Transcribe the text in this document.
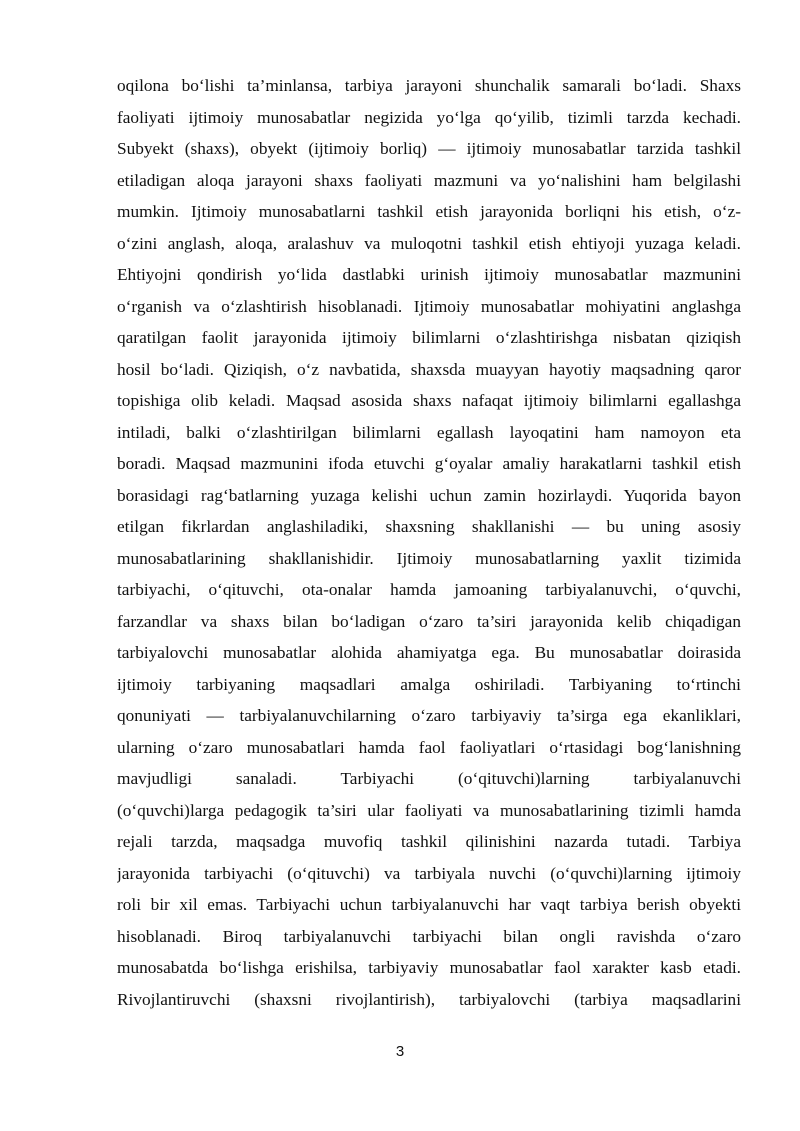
oqilona bo‘lishi ta’minlansa, tarbiya jarayoni shunchalik samarali bo‘ladi. Shaxs
faoliyati ijtimoiy munosabatlar negizida yo‘lga qo‘yilib, tizimli tarzda kechadi.
Subyekt (shaxs), obyekt (ijtimoiy borliq) — ijtimoiy munosabatlar tarzida tashkil
etiladigan aloqa jarayoni shaxs faoliyati mazmuni va yo‘nalishini ham belgilashi
mumkin. Ijtimoiy munosabatlarni tashkil etish jarayonida borliqni his etish, o‘z-
o‘zini anglash, aloqa, aralashuv va muloqotni tashkil etish ehtiyoji yuzaga keladi.
Ehtiyojni qondirish yo‘lida dastlabki urinish ijtimoiy munosabatlar mazmunini
o‘rganish va o‘zlashtirish hisoblanadi. Ijtimoiy munosabatlar mohiyatini anglashga
qaratilgan faolit jarayonida ijtimoiy bilimlarni o‘zlashtirishga nisbatan qiziqish
hosil bo‘ladi. Qiziqish, o‘z navbatida, shaxsda muayyan hayotiy maqsadning qaror
topishiga olib keladi. Maqsad asosida shaxs nafaqat ijtimoiy bilimlarni egallashga
intiladi, balki o‘zlashtirilgan bilimlarni egallash layoqatini ham namoyon eta
boradi. Maqsad mazmunini ifoda etuvchi g‘oyalar amaliy harakatlarni tashkil etish
borasidagi rag‘batlarning yuzaga kelishi uchun zamin hozirlaydi. Yuqorida bayon
etilgan fikrlardan anglashiladiki, shaxsning shakllanishi — bu uning asosiy
munosabatlarining shakllanishidir. Ijtimoiy munosabatlarning yaxlit tizimida
tarbiyachi, o‘qituvchi, ota-onalar hamda jamoaning tarbiyalanuvchi, o‘quvchi,
farzandlar va shaxs bilan bo‘ladigan o‘zaro ta’siri jarayonida kelib chiqadigan
tarbiyalovchi munosabatlar alohida ahamiyatga ega. Bu munosabatlar doirasida
ijtimoiy tarbiyaning maqsadlari amalga oshiriladi. Tarbiyaning to‘rtinchi
qonuniyati — tarbiyalanuvchilarning o‘zaro tarbiyaviy ta’sirga ega ekanliklari,
ularning o‘zaro munosabatlari hamda faol faoliyatlari o‘rtasidagi bog‘lanishning
mavjudligi sanaladi. Tarbiyachi (o‘qituvchi)larning tarbiyalanuvchi
(o‘quvchi)larga pedagogik ta’siri ular faoliyati va munosabatlarining tizimli hamda
rejali tarzda, maqsadga muvofiq tashkil qilinishini nazarda tutadi. Tarbiya
jarayonida tarbiyachi (o‘qituvchi) va tarbiyala nuvchi (o‘quvchi)larning ijtimoiy
roli bir xil emas. Tarbiyachi uchun tarbiyalanuvchi har vaqt tarbiya berish obyekti
hisoblanadi. Biroq tarbiyalanuvchi tarbiyachi bilan ongli ravishda o‘zaro
munosabatda bo‘lishga erishilsa, tarbiyaviy munosabatlar faol xarakter kasb etadi.
Rivojlantiruvchi (shaxsni rivojlantirish), tarbiyalovchi (tarbiya maqsadlarini
3
